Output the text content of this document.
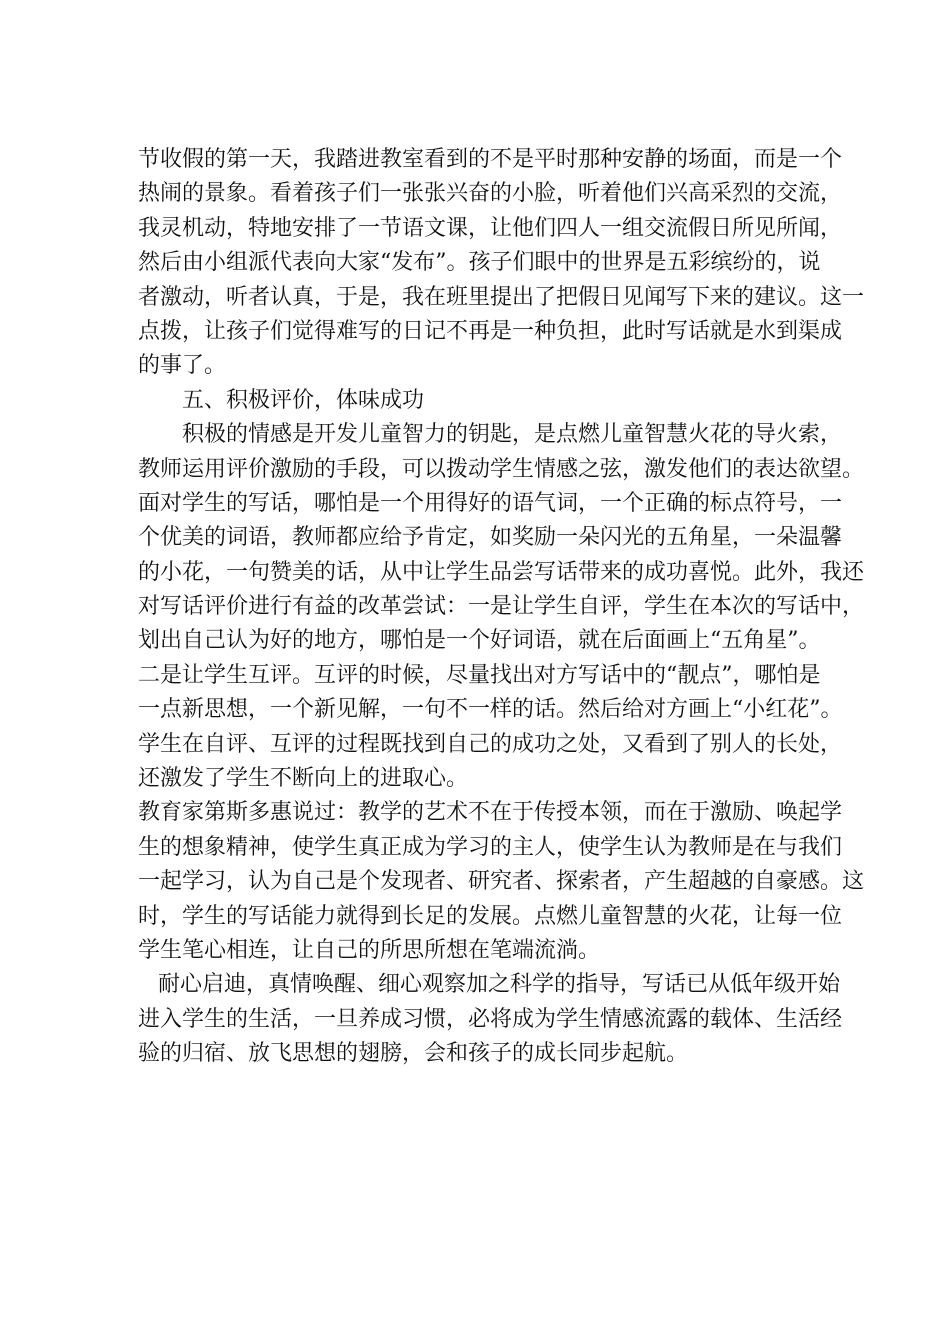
节收假的第一天，我踏进教室看到的不是平时那种安静的场面，而是一个
热闹的景象。看着孩子们一张张兴奋的小脸，听着他们兴高采烈的交流，
我灵机动，特地安排了一节语文课，让他们四人一组交流假日所见所闻，
然后由小组派代表向大家“发布”。孩子们眼中的世界是五彩缤纷的，说
者激动，听者认真，于是，我在班里提出了把假日见闻写下来的建议。这一
点拨，让孩子们觉得难写的日记不再是一种负担，此时写话就是水到渠成
的事了。

五、积极评价，体味成功

积极的情感是开发儿童智力的钥匙，是点燃儿童智慧火花的导火索，
教师运用评价激励的手段，可以拨动学生情感之弦，激发他们的表达欲望。
面对学生的写话，哪怕是一个用得好的语气词，一个正确的标点符号，一
个优美的词语，教师都应给予肯定，如奖励一朵闪光的五角星，一朵温馨
的小花，一句赞美的话，从中让学生品尝写话带来的成功喜悦。此外，我还
对写话评价进行有益的改革尝试：一是让学生自评，学生在本次的写话中，
划出自己认为好的地方，哪怕是一个好词语，就在后面画上“五角星”。
二是让学生互评。互评的时候，尽量找出对方写话中的“靓点”，哪怕是
一点新思想，一个新见解，一句不一样的话。然后给对方画上“小红花”。
学生在自评、互评的过程既找到自己的成功之处，又看到了别人的长处，
还激发了学生不断向上的进取心。

教育家第斯多惠说过：教学的艺术不在于传授本领，而在于激励、唤起学
生的想象精神，使学生真正成为学习的主人，使学生认为教师是在与我们
一起学习，认为自己是个发现者、研究者、探索者，产生超越的自豪感。这
时，学生的写话能力就得到长足的发展。点燃儿童智慧的火花，让每一位
学生笔心相连，让自己的所思所想在笔端流淌。

耐心启迪，真情唤醒、细心观察加之科学的指导，写话已从低年级开始
进入学生的生活，一旦养成习惯，必将成为学生情感流露的载体、生活经
验的归宿、放飞思想的翅膀，会和孩子的成长同步起航。
